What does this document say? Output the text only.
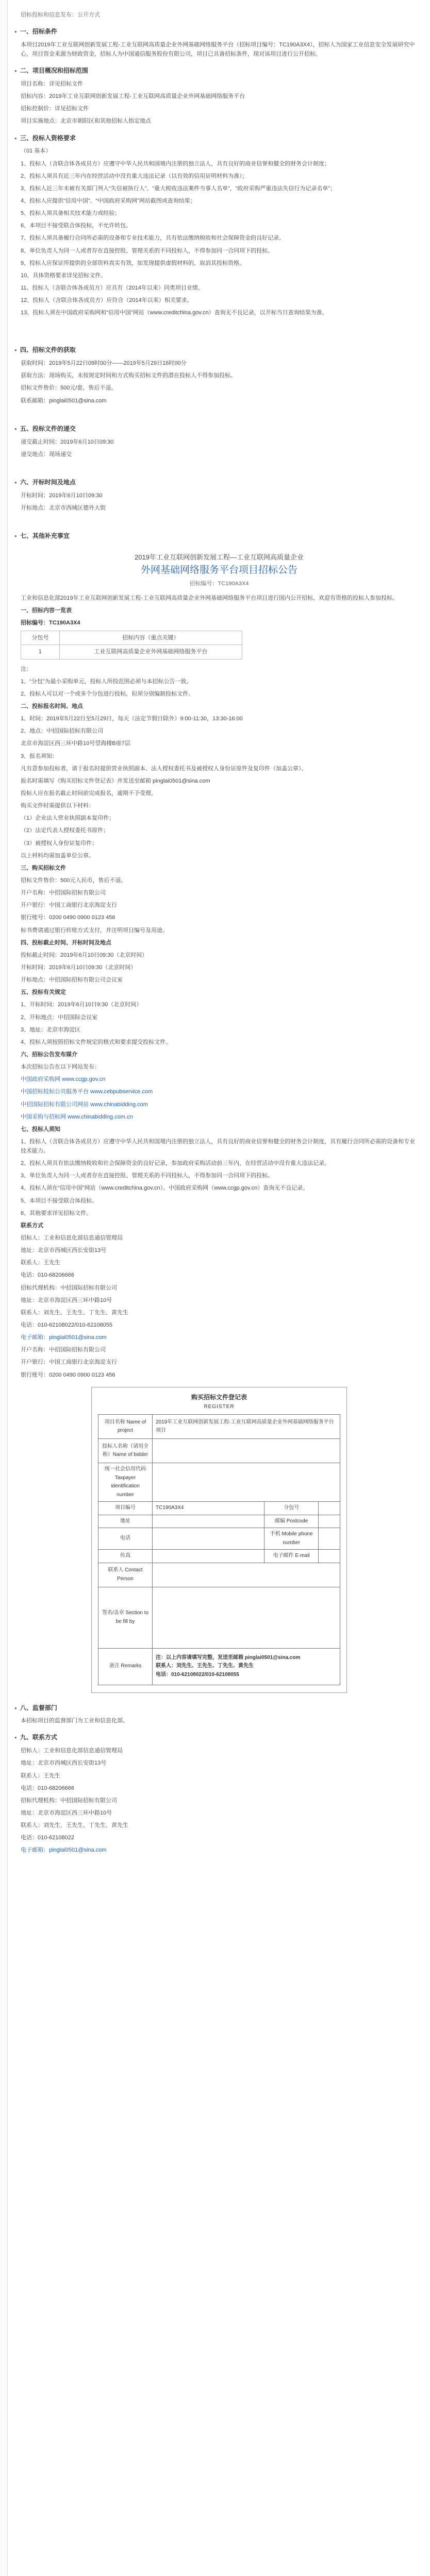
招标投标和信息发布：公开方式

● 一、招标条件

本项目2019年工业互联网创新发展工程-工业互联网高质量企业外网基础网络服务平台（招标项目编号：TC190A3X4），招标人为国家工业信息安全发展研究中心，项目资金来源为财政资金，招标人为中国通信服务股份有限公司，项目已具备招标条件，现对该项目进行公开招标。

● 二、项目概况和招标范围

项目名称：详见招标文件

招标内容：2019年工业互联网创新发展工程-工业互联网高质量企业外网基础网络服务平台

招标控制价：详见招标文件

项目实施地点：北京市朝阳区和其他招标人指定地点

● 三、投标人资格要求

（01 基本）

1、投标人（含联合体各成员方）应遵守中华人民共和国境内注册的独立法人，具有良好的商业信誉和健全的财务会计制度；

2、投标人须具有近三年内在经营活动中没有重大违法记录（以有效的信用证明材料为准）；

3、投标人近三年未被有关部门列入“失信被执行人”、“重大税收违法案件当事人名单”，“政府采购严重违法失信行为记录名单”；

4、投标人应提供“信用中国”、“中国政府采购网”网站截图或查询结果；

5、投标人须具备相关技术能力或经验；

6、本项目不接受联合体投标，不允许转包。

7、投标人须具备履行合同所必需的设备和专业技术能力，具有依法缴纳税收和社会保障资金的良好记录。

8、单位负责人为同一人或者存在直接控股、管理关系的不同投标人，不得参加同一合同项下的投标。

9、投标人应保证所提供的全部资料真实有效，如发现提供虚假材料的，取消其投标资格。

10、具体资格要求详见招标文件。

11、投标人（含联合体各成员方）应具有（2014年以来）同类项目业绩。

12、投标人（含联合体各成员方）应符合（2014年以来）相关要求。

13、投标人须在中国政府采购网和“信用中国”网站（www.creditchina.gov.cn）查询无不良记录，以开标当日查询结果为准。

● 四、招标文件的获取

获取时间：2019年5月22日09时00分——2019年5月29日16时00分

获取方法：现场购买，未按规定时间和方式购买招标文件的潜在投标人不得参加投标。

招标文件售价：500元/套，售后不退。

联系邮箱：pinglai0501@sina.com

● 五、投标文件的递交

递交截止时间：2019年6月10日09:30

递交地点：现场递交

● 六、开标时间及地点

开标时间：2019年6月10日09:30

开标地点：北京市西城区德外大街

● 七、其他补充事宜
2019年工业互联网创新发展工程—工业互联网高质量企业
外网基础网络服务平台项目招标公告
招标编号：TC190A3X4

工业和信息化部2019年工业互联网创新发展工程-工业互联网高质量企业外网基础网络服务平台项目进行国内公开招标，欢迎有资格的投标人参加投标。

一、招标内容一览表

招标编号：TC190A3X4

分包号	招标内容（重点关键）
1	工业互联网高质量企业外网基础网络服务平台

注：

1、“分包”为最小采购单元，投标人所投范围必须与本招标公告一致。

2、投标人可以对一个或多个分包进行投标，但须分别编制投标文件。

二、投标报名时间、地点

1、时间：2019年5月22日至5月29日，每天（法定节假日除外）9:00-11:30，13:30-16:00

2、地点：中招国际招标有限公司

北京市海淀区西三环中路10号望海楼B座7层

3、报名须知：

凡有意参加投标者，请于报名时提供营业执照副本、法人授权委托书及被授权人身份证原件及复印件（加盖公章）。

报名时需填写《购买招标文件登记表》并发送至邮箱 pinglai0501@sina.com

投标人应在报名截止时间前完成报名，逾期不予受理。

购买文件时需提供以下材料：

（1）企业法人营业执照副本复印件；

（2）法定代表人授权委托书原件；

（3）被授权人身份证复印件；

以上材料均需加盖单位公章。

三、购买招标文件

招标文件售价：500元人民币，售后不退。

开户名称：中招国际招标有限公司

开户银行：中国工商银行北京海淀支行

银行账号：0200 0490 0900 0123 456

标书费请通过银行转账方式支付，并注明项目编号及用途。

四、投标截止时间、开标时间及地点

投标截止时间：2019年6月10日09:30（北京时间）

开标时间：2019年6月10日09:30（北京时间）

开标地点：中招国际招标有限公司会议室

五、投标有关规定

1、开标时间：2019年6月10日9:30（北京时间）

2、开标地点：中招国际会议室

3、地址：北京市海淀区

4、投标人须按照招标文件规定的格式和要求提交投标文件。

六、招标公告发布媒介

本次招标公告在以下网站发布：

中国政府采购网 www.ccgp.gov.cn

中国招标投标公共服务平台 www.cebpubservice.com

中招国际招标有限公司网站 www.chinabidding.com

中国采购与招标网 www.chinabidding.com.cn

七、投标人须知

1、投标人（含联合体各成员方）应遵守中华人民共和国境内注册的独立法人，具有良好的商业信誉和健全的财务会计制度，具有履行合同所必需的设备和专业技术能力。

2、投标人须具有依法缴纳税收和社会保障资金的良好记录，参加政府采购活动前三年内，在经营活动中没有重大违法记录。

3、单位负责人为同一人或者存在直接控股、管理关系的不同投标人，不得参加同一合同项下的投标。

4、投标人须在“信用中国”网站（www.creditchina.gov.cn）、中国政府采购网（www.ccgp.gov.cn）查询无不良记录。

5、本项目不接受联合体投标。

6、其他要求详见招标文件。

联系方式

招标人：工业和信息化部信息通信管理局

地址：北京市西城区西长安街13号

联系人：王先生

电话：010-68206666

招标代理机构：中招国际招标有限公司

地址：北京市海淀区西三环中路10号

联系人：刘先生、王先生、丁先生、黄先生

电话：010-62108022/010-62108055

电子邮箱：pinglai0501@sina.com

开户名称：中招国际招标有限公司

开户银行：中国工商银行北京海淀支行

银行账号：0200 0490 0900 0123 456

购买招标文件登记表
REGISTER
项目名称 Name of project	2019年工业互联网创新发展工程-工业互联网高质量企业外网基础网络服务平台项目		
投标人名称（请用全称）Name of bidder			
统一社会信用代码 Taxpayer identification number			
项目编号	TC190A3X4	分包号	
地址		邮编 Postcode	
电话		手机 Mobile phone number	
传真		电子邮件 E-mail	
联系人 Contact Person			
签名/盖章 Section to be fill by			
备注 Remarks	注：以上内容请填写完整，发送至邮箱 pinglai0501@sina.com
联系人：刘先生、王先生、丁先生、黄先生
电话：010-62108022/010-62108055		
● 八、监督部门

本招标项目的监督部门为工业和信息化部。

● 九、联系方式

招标人：工业和信息化部信息通信管理局

地址：北京市西城区西长安街13号

联系人：王先生

电话：010-68206666

招标代理机构：中招国际招标有限公司

地址：北京市海淀区西三环中路10号

联系人：刘先生、王先生、丁先生、黄先生

电话：010-62108022

电子邮箱：pinglai0501@sina.com
